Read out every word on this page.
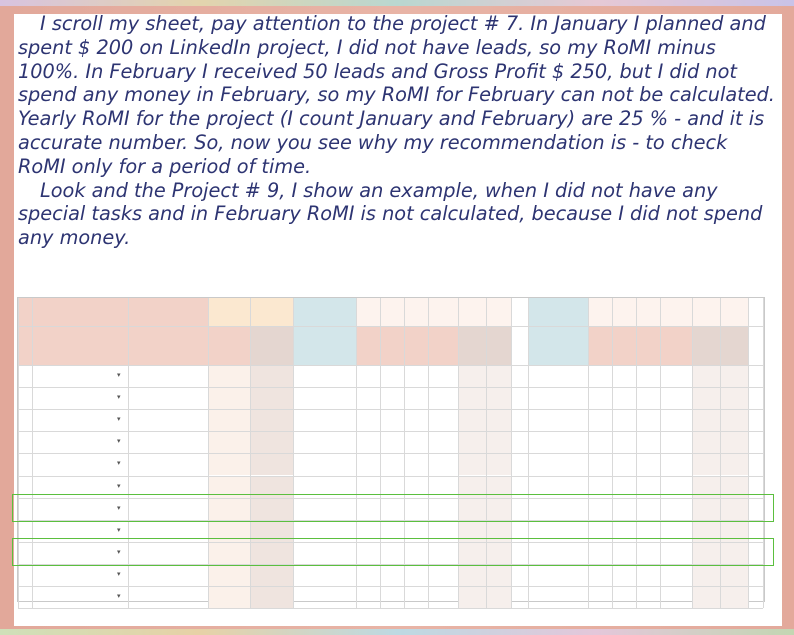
I scroll my sheet, pay attention to the project # 7. In January I planned and spent $ 200 on LinkedIn project, I did not have leads, so my RoMI minus 100%. In February I received 50 leads and Gross Profit $ 250, but I did not spend any money in February, so my RoMI for February can not be calculated. Yearly RoMI for the project (I count January and February) are 25 % - and it is accurate number. So, now you see why my recommendation is - to check RoMI only for a period of time.

Look and the Project # 9, I show an example, when I did not have any special tasks and in February RoMI is not calculated, because I did not spend any money.

▾
▾
▾
▾
▾
▾
▾
▾
▾
▾
▾
